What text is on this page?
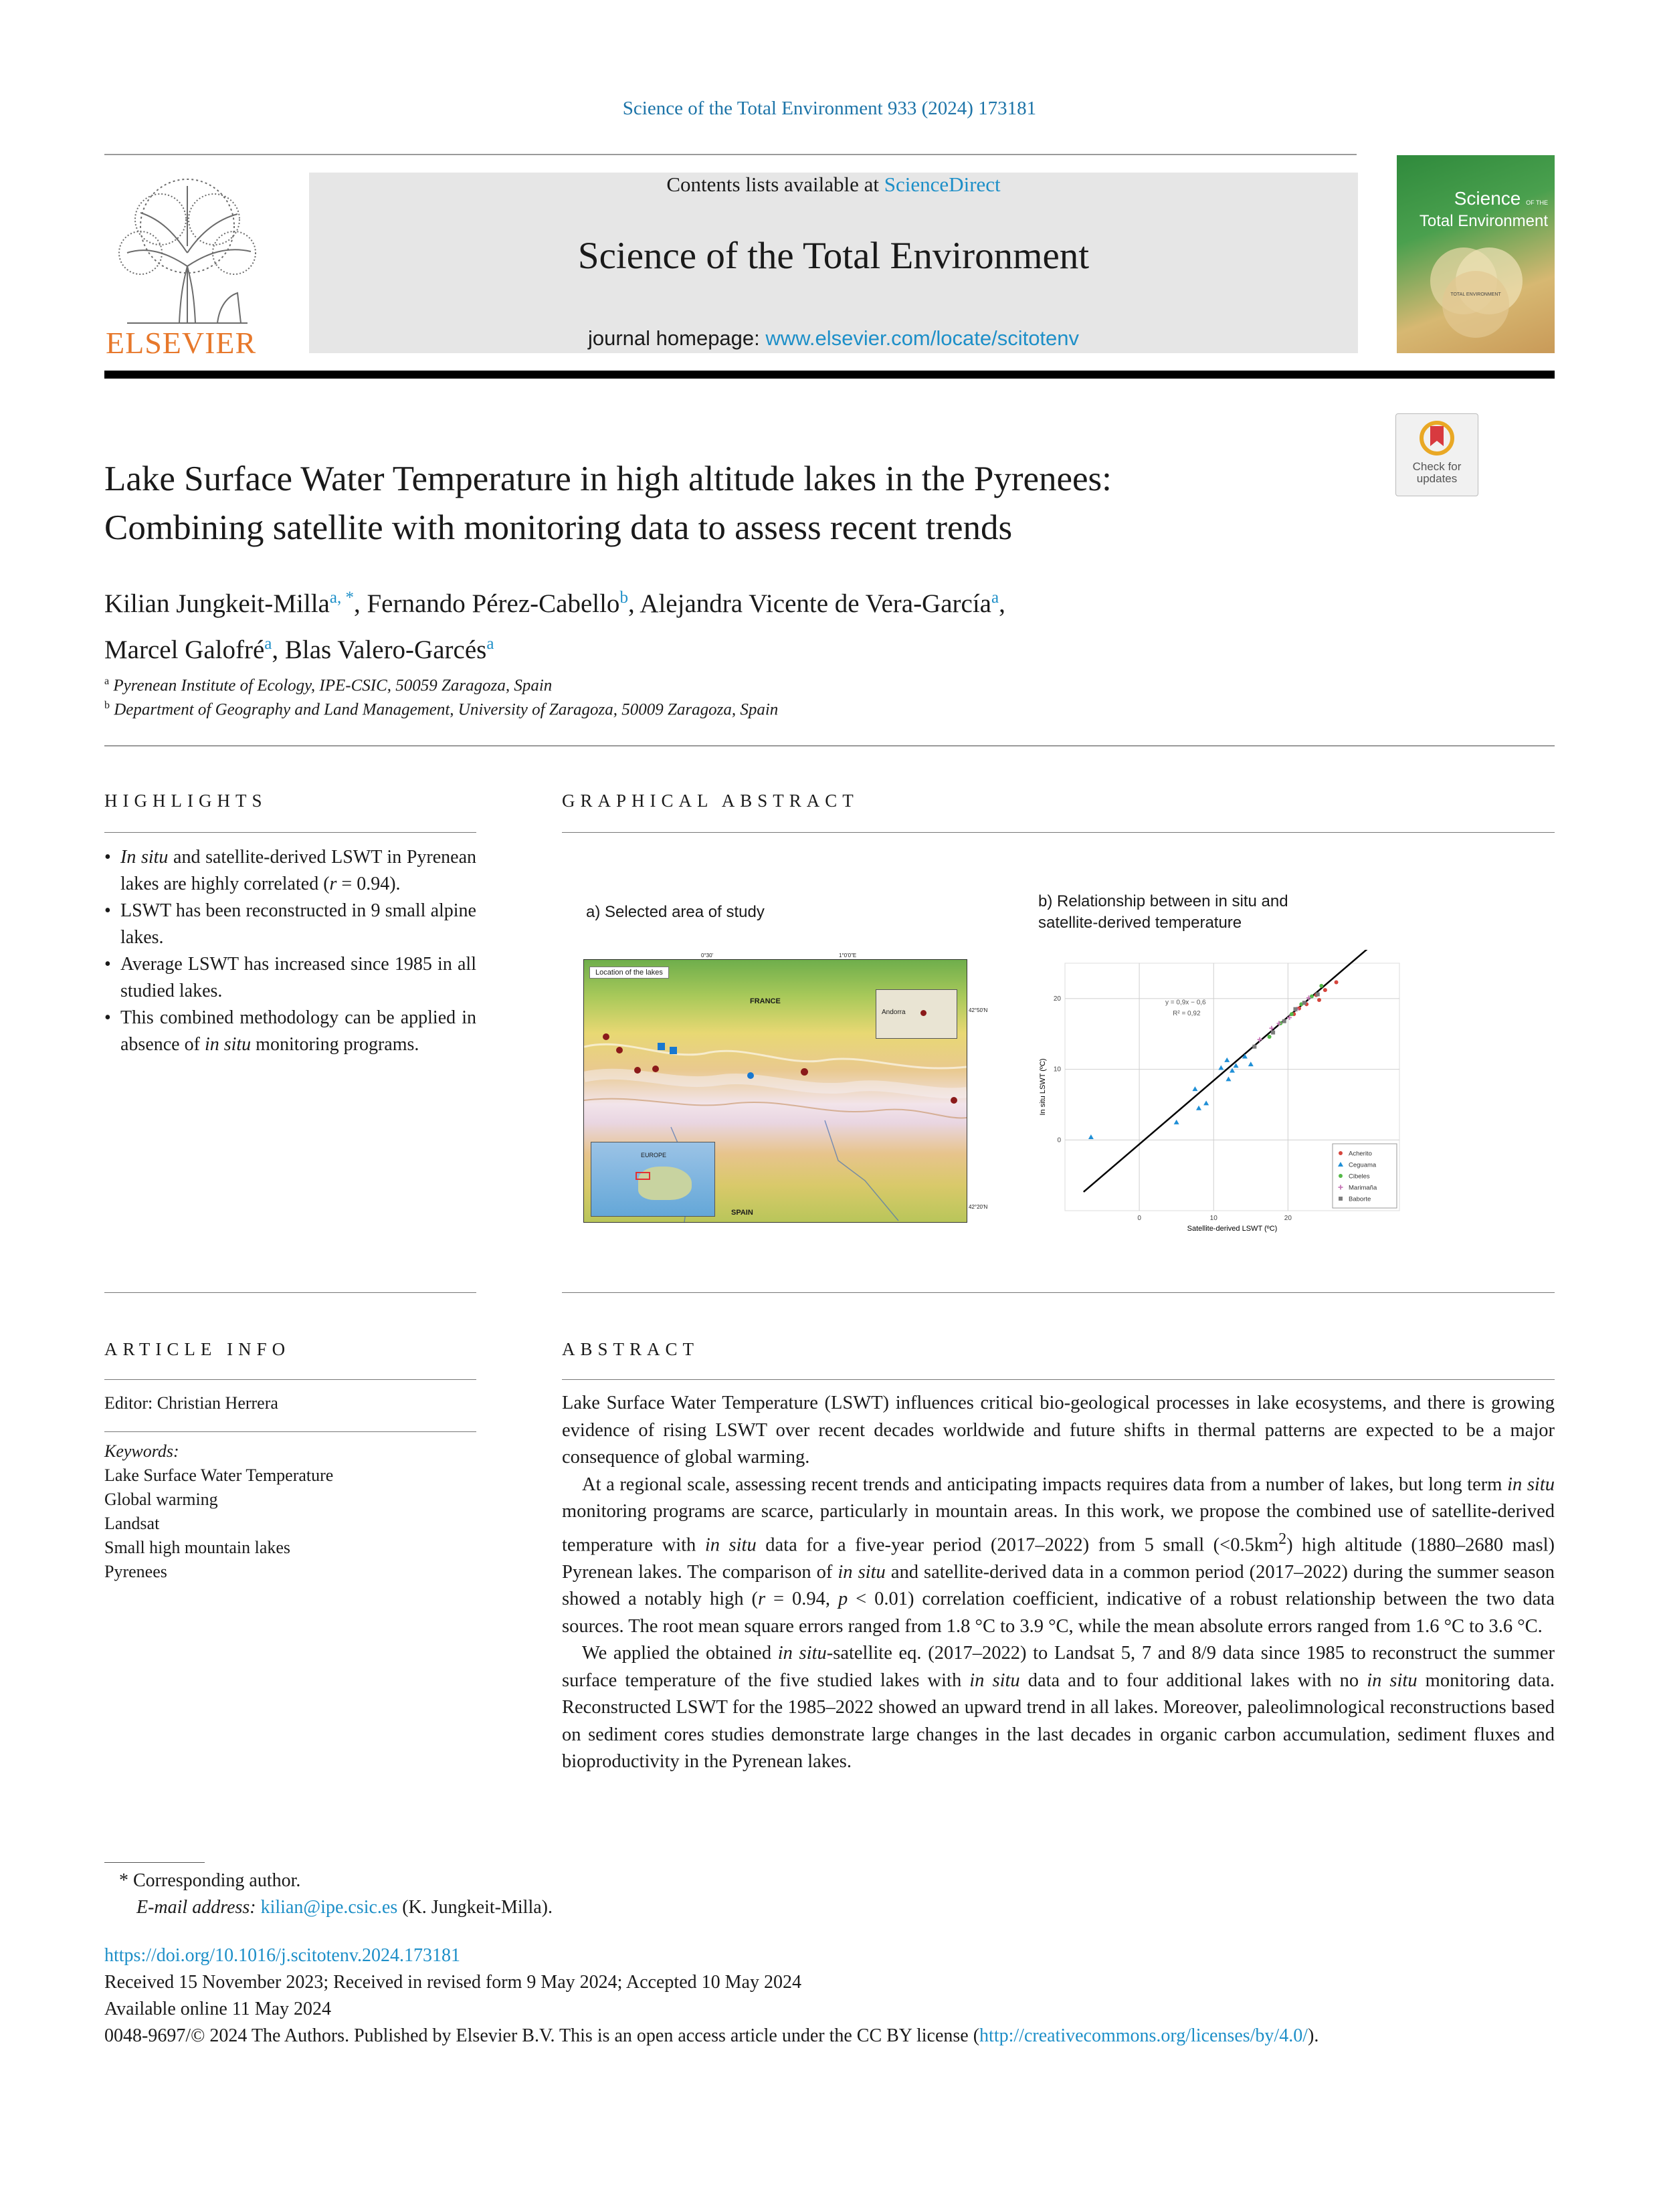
Science of the Total Environment 933 (2024) 173181
ELSEVIER
Contents lists available at ScienceDirect
Science of the Total Environment
journal homepage: www.elsevier.com/locate/scitotenv
Science OF THE
Total Environment
TOTAL ENVIRONMENT
Lake Surface Water Temperature in high altitude lakes in the Pyrenees:
Combining satellite with monitoring data to assess recent trends
Check for updates
Kilian Jungkeit-Milla$^{a, *}$, Fernando Pérez-Cabello$^b$, Alejandra Vicente de Vera-García$^a$,
Marcel Galofré$^a$, Blas Valero-Garcés$^a$
$^a$ Pyrenean Institute of Ecology, IPE-CSIC, 50059 Zaragoza, Spain
$^b$ Department of Geography and Land Management, University of Zaragoza, 50009 Zaragoza, Spain
HIGHLIGHTS
• In situ and satellite-derived LSWT in Pyrenean lakes are highly correlated (r = 0.94).
• LSWT has been reconstructed in 9 small alpine lakes.
• Average LSWT has increased since 1985 in all studied lakes.
• This combined methodology can be applied in absence of in situ monitoring programs.
GRAPHICAL ABSTRACT
a) Selected area of study
Location of the lakes
FRANCE
SPAIN
Andorra
EUROPE
0°30'	1°0'0"E
42°50'N
42°20'N
b) Relationship between in situ and
satellite-derived temperature
0	10	20
0
10
20	y = 0,9x − 0,6
R² = 0,92
Satellite-derived LSWT (ºC)
In situ LSWT (ºC)
Acherito
Ceguama
Cibeles
Marimaña
Baborte
ARTICLE INFO
Editor: Christian Herrera
Keywords:
Lake Surface Water Temperature
Global warming
Landsat
Small high mountain lakes
Pyrenees
ABSTRACT

Lake Surface Water Temperature (LSWT) influences critical bio-geological processes in lake ecosystems, and there is growing evidence of rising LSWT over recent decades worldwide and future shifts in thermal patterns are expected to be a major consequence of global warming.

At a regional scale, assessing recent trends and anticipating impacts requires data from a number of lakes, but long term in situ monitoring programs are scarce, particularly in mountain areas. In this work, we propose the combined use of satellite-derived temperature with in situ data for a five-year period (2017–2022) from 5 small $(<0.5km^2)$ high altitude (1880–2680 masl) Pyrenean lakes. The comparison of in situ and satellite-derived data in a common period (2017–2022) during the summer season showed a notably high (r = 0.94, p < 0.01) correlation coefficient, indicative of a robust relationship between the two data sources. The root mean square errors ranged from 1.8 °C to 3.9 °C, while the mean absolute errors ranged from 1.6 °C to 3.6 °C.

We applied the obtained in situ-satellite eq. (2017–2022) to Landsat 5, 7 and 8/9 data since 1985 to reconstruct the summer surface temperature of the five studied lakes with in situ data and to four additional lakes with no in situ monitoring data. Reconstructed LSWT for the 1985–2022 showed an upward trend in all lakes. Moreover, paleolimnological reconstructions based on sediment cores studies demonstrate large changes in the last decades in organic carbon accumulation, sediment fluxes and bioproductivity in the Pyrenean lakes.

* Corresponding author.
E-mail address: kilian@ipe.csic.es (K. Jungkeit-Milla).
https://doi.org/10.1016/j.scitotenv.2024.173181
Received 15 November 2023; Received in revised form 9 May 2024; Accepted 10 May 2024
Available online 11 May 2024
0048-9697/© 2024 The Authors. Published by Elsevier B.V. This is an open access article under the CC BY license (http://creativecommons.org/licenses/by/4.0/).
